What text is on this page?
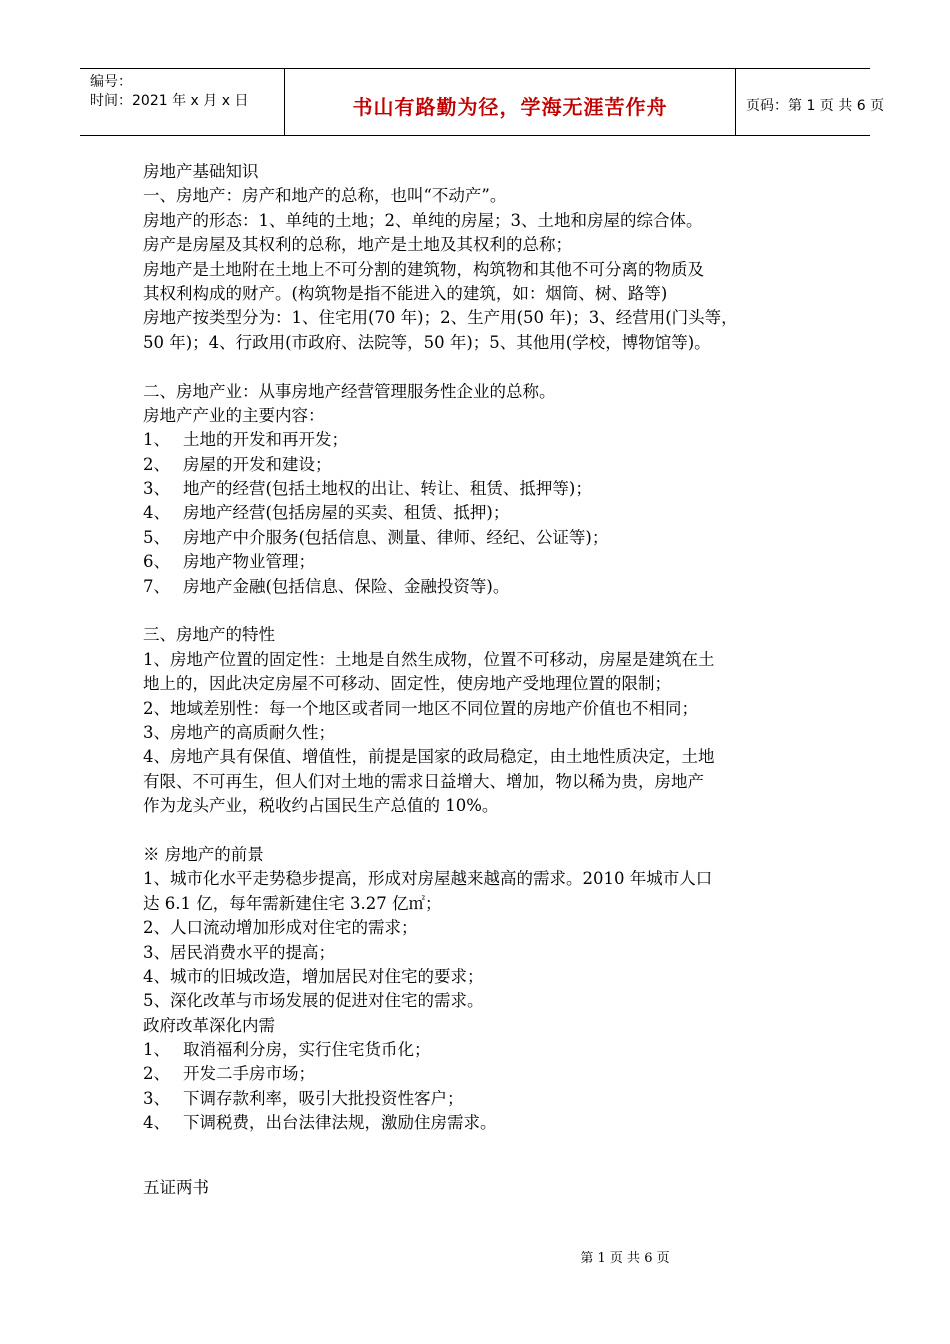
编号：
时间：2021 年 x 月 x 日	书山有路勤为径，学海无涯苦作舟	页码：第 1 页 共 6 页
房地产基础知识
一、房地产：房产和地产的总称，也叫“不动产”。
房地产的形态：1、单纯的土地；2、单纯的房屋；3、土地和房屋的综合体。
房产是房屋及其权利的总称，地产是土地及其权利的总称；
房地产是土地附在土地上不可分割的建筑物，构筑物和其他不可分离的物质及
其权利构成的财产。(构筑物是指不能进入的建筑，如：烟筒、树、路等)
房地产按类型分为：1、住宅用(70 年)；2、生产用(50 年)；3、经营用(门头等，
50 年)；4、行政用(市政府、法院等，50 年)；5、其他用(学校，博物馆等)。
二、房地产业：从事房地产经营管理服务性企业的总称。
房地产产业的主要内容：
1、 土地的开发和再开发；
2、 房屋的开发和建设；
3、 地产的经营(包括土地权的出让、转让、租赁、抵押等)；
4、 房地产经营(包括房屋的买卖、租赁、抵押)；
5、 房地产中介服务(包括信息、测量、律师、经纪、公证等)；
6、 房地产物业管理；
7、 房地产金融(包括信息、保险、金融投资等)。
三、房地产的特性
1、房地产位置的固定性：土地是自然生成物，位置不可移动，房屋是建筑在土
地上的，因此决定房屋不可移动、固定性，使房地产受地理位置的限制；
2、地域差别性：每一个地区或者同一地区不同位置的房地产价值也不相同；
3、房地产的高质耐久性；
4、房地产具有保值、增值性，前提是国家的政局稳定，由土地性质决定，土地
有限、不可再生，但人们对土地的需求日益增大、增加，物以稀为贵，房地产
作为龙头产业，税收约占国民生产总值的 10%。
※ 房地产的前景
1、城市化水平走势稳步提高，形成对房屋越来越高的需求。2010 年城市人口
达 6.1 亿，每年需新建住宅 3.27 亿㎡；
2、人口流动增加形成对住宅的需求；
3、居民消费水平的提高；
4、城市的旧城改造，增加居民对住宅的要求；
5、深化改革与市场发展的促进对住宅的需求。
政府改革深化内需
1、 取消福利分房，实行住宅货币化；
2、 开发二手房市场；
3、 下调存款利率，吸引大批投资性客户；
4、 下调税费，出台法律法规，激励住房需求。
五证两书
第 1 页 共 6 页
